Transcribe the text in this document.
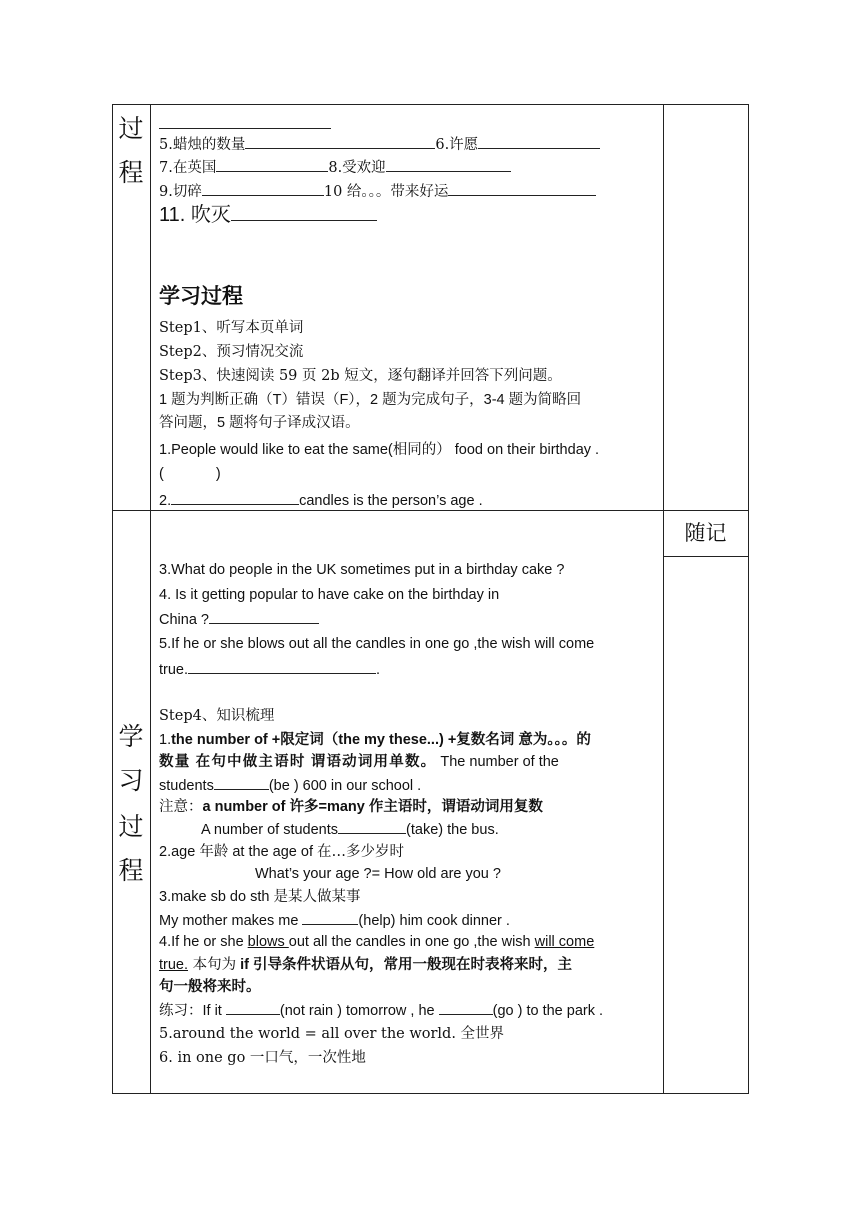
过
程
5.蜡烛的数量	6.许愿
7.在英国	8.受欢迎
9.切碎	10 给。。。带来好运
11. 吹灭
学习过程
Step1、听写本页单词
Step2、预习情况交流
Step3、快速阅读 59 页 2b 短文，逐句翻译并回答下列问题。
1 题为判断正确（T）错误（F），2 题为完成句子，3-4 题为简略回
答问题，5 题将句子译成汉语。
1.People would like to eat the same(相同的） food on their birthday .
(	)
2.	candles is the person’s age .
学
习
过
程
随记
3.What do people in the UK sometimes put in a birthday cake ?
4. Is it getting popular to have cake on the birthday in
China ?
5.If he or she blows out all the candles in one go ,the wish will come
true.	.
Step4、知识梳理
1.the number of +限定词（the my these...) +复数名词 意为。。。的
数量 在句中做主语时 谓语动词用单数。 The number of the
students	(be ) 600 in our school .
注意：a number of 许多=many 作主语时，谓语动词用复数
A number of students	(take) the bus.
2.age 年龄 at the age of 在…多少岁时
What’s your age ?= How old are you ?
3.make sb do sth 是某人做某事
My mother makes me	(help) him cook dinner .
4.If he or she blows out all the candles in one go ,the wish will come
true. 本句为 if 引导条件状语从句，常用一般现在时表将来时，主
句一般将来时。
练习：If it	(not rain ) tomorrow , he	(go ) to the park .
5.around the world = all over the world. 全世界
6. in one go 一口气，一次性地
